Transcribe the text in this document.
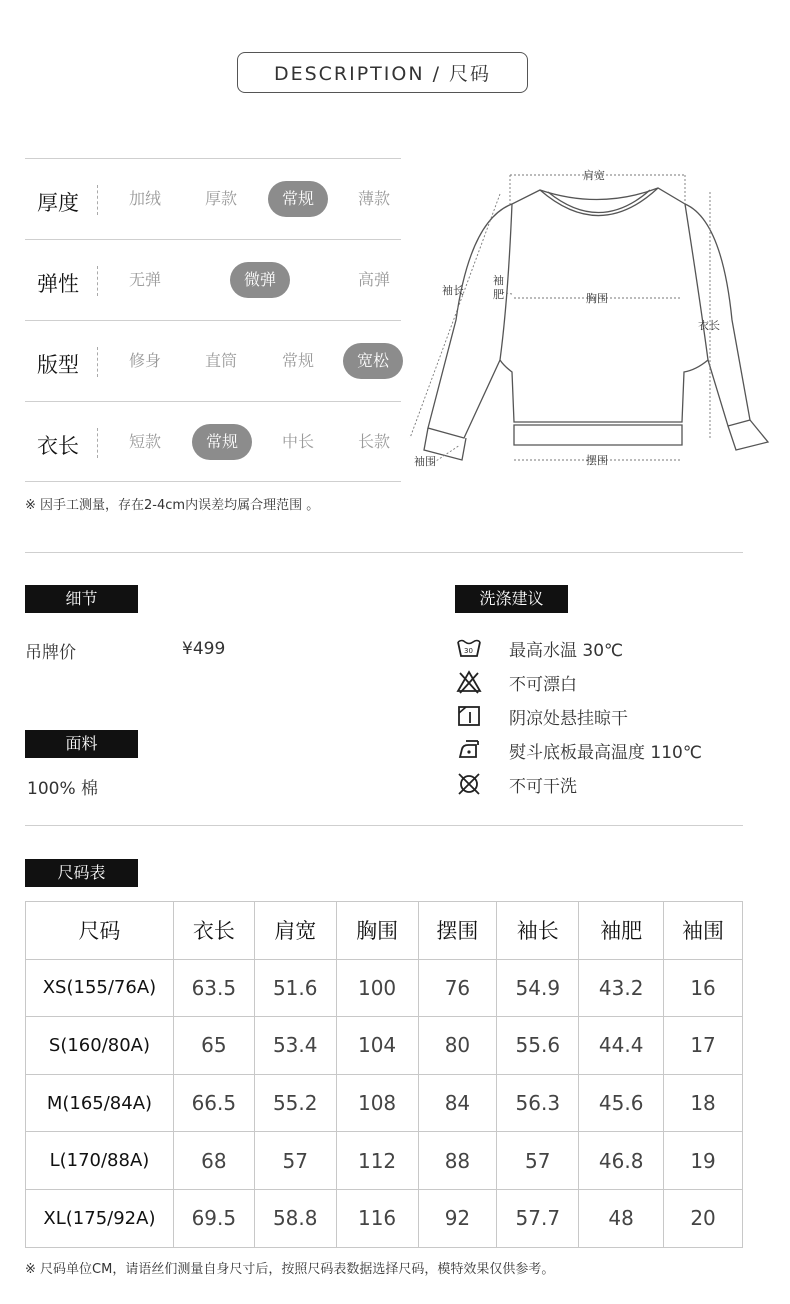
DESCRIPTION / 尺码
厚度	加绒	厚款	常规	薄款
弹性	无弹	微弹	高弹
版型	修身	直筒	常规	宽松
衣长	短款	常规	中长	长款
※ 因手工测量，存在2-4cm内误差均属合理范围 。
肩宽
袖长
袖
肥	胸围
衣长
袖围	摆围
细节
吊牌价	¥499
面料
100% 棉
洗涤建议
30 最高水温 30℃
不可漂白
阴凉处悬挂晾干
熨斗底板最高温度 110℃
不可干洗
尺码表
尺码	衣长	肩宽	胸围	摆围	袖长	袖肥	袖围
XS(155/76A)	63.5	51.6	100	76	54.9	43.2	16
S(160/80A)	65	53.4	104	80	55.6	44.4	17
M(165/84A)	66.5	55.2	108	84	56.3	45.6	18
L(170/88A)	68	57	112	88	57	46.8	19
XL(175/92A)	69.5	58.8	116	92	57.7	48	20
※ 尺码单位CM，请语丝们测量自身尺寸后，按照尺码表数据选择尺码，模特效果仅供参考。
